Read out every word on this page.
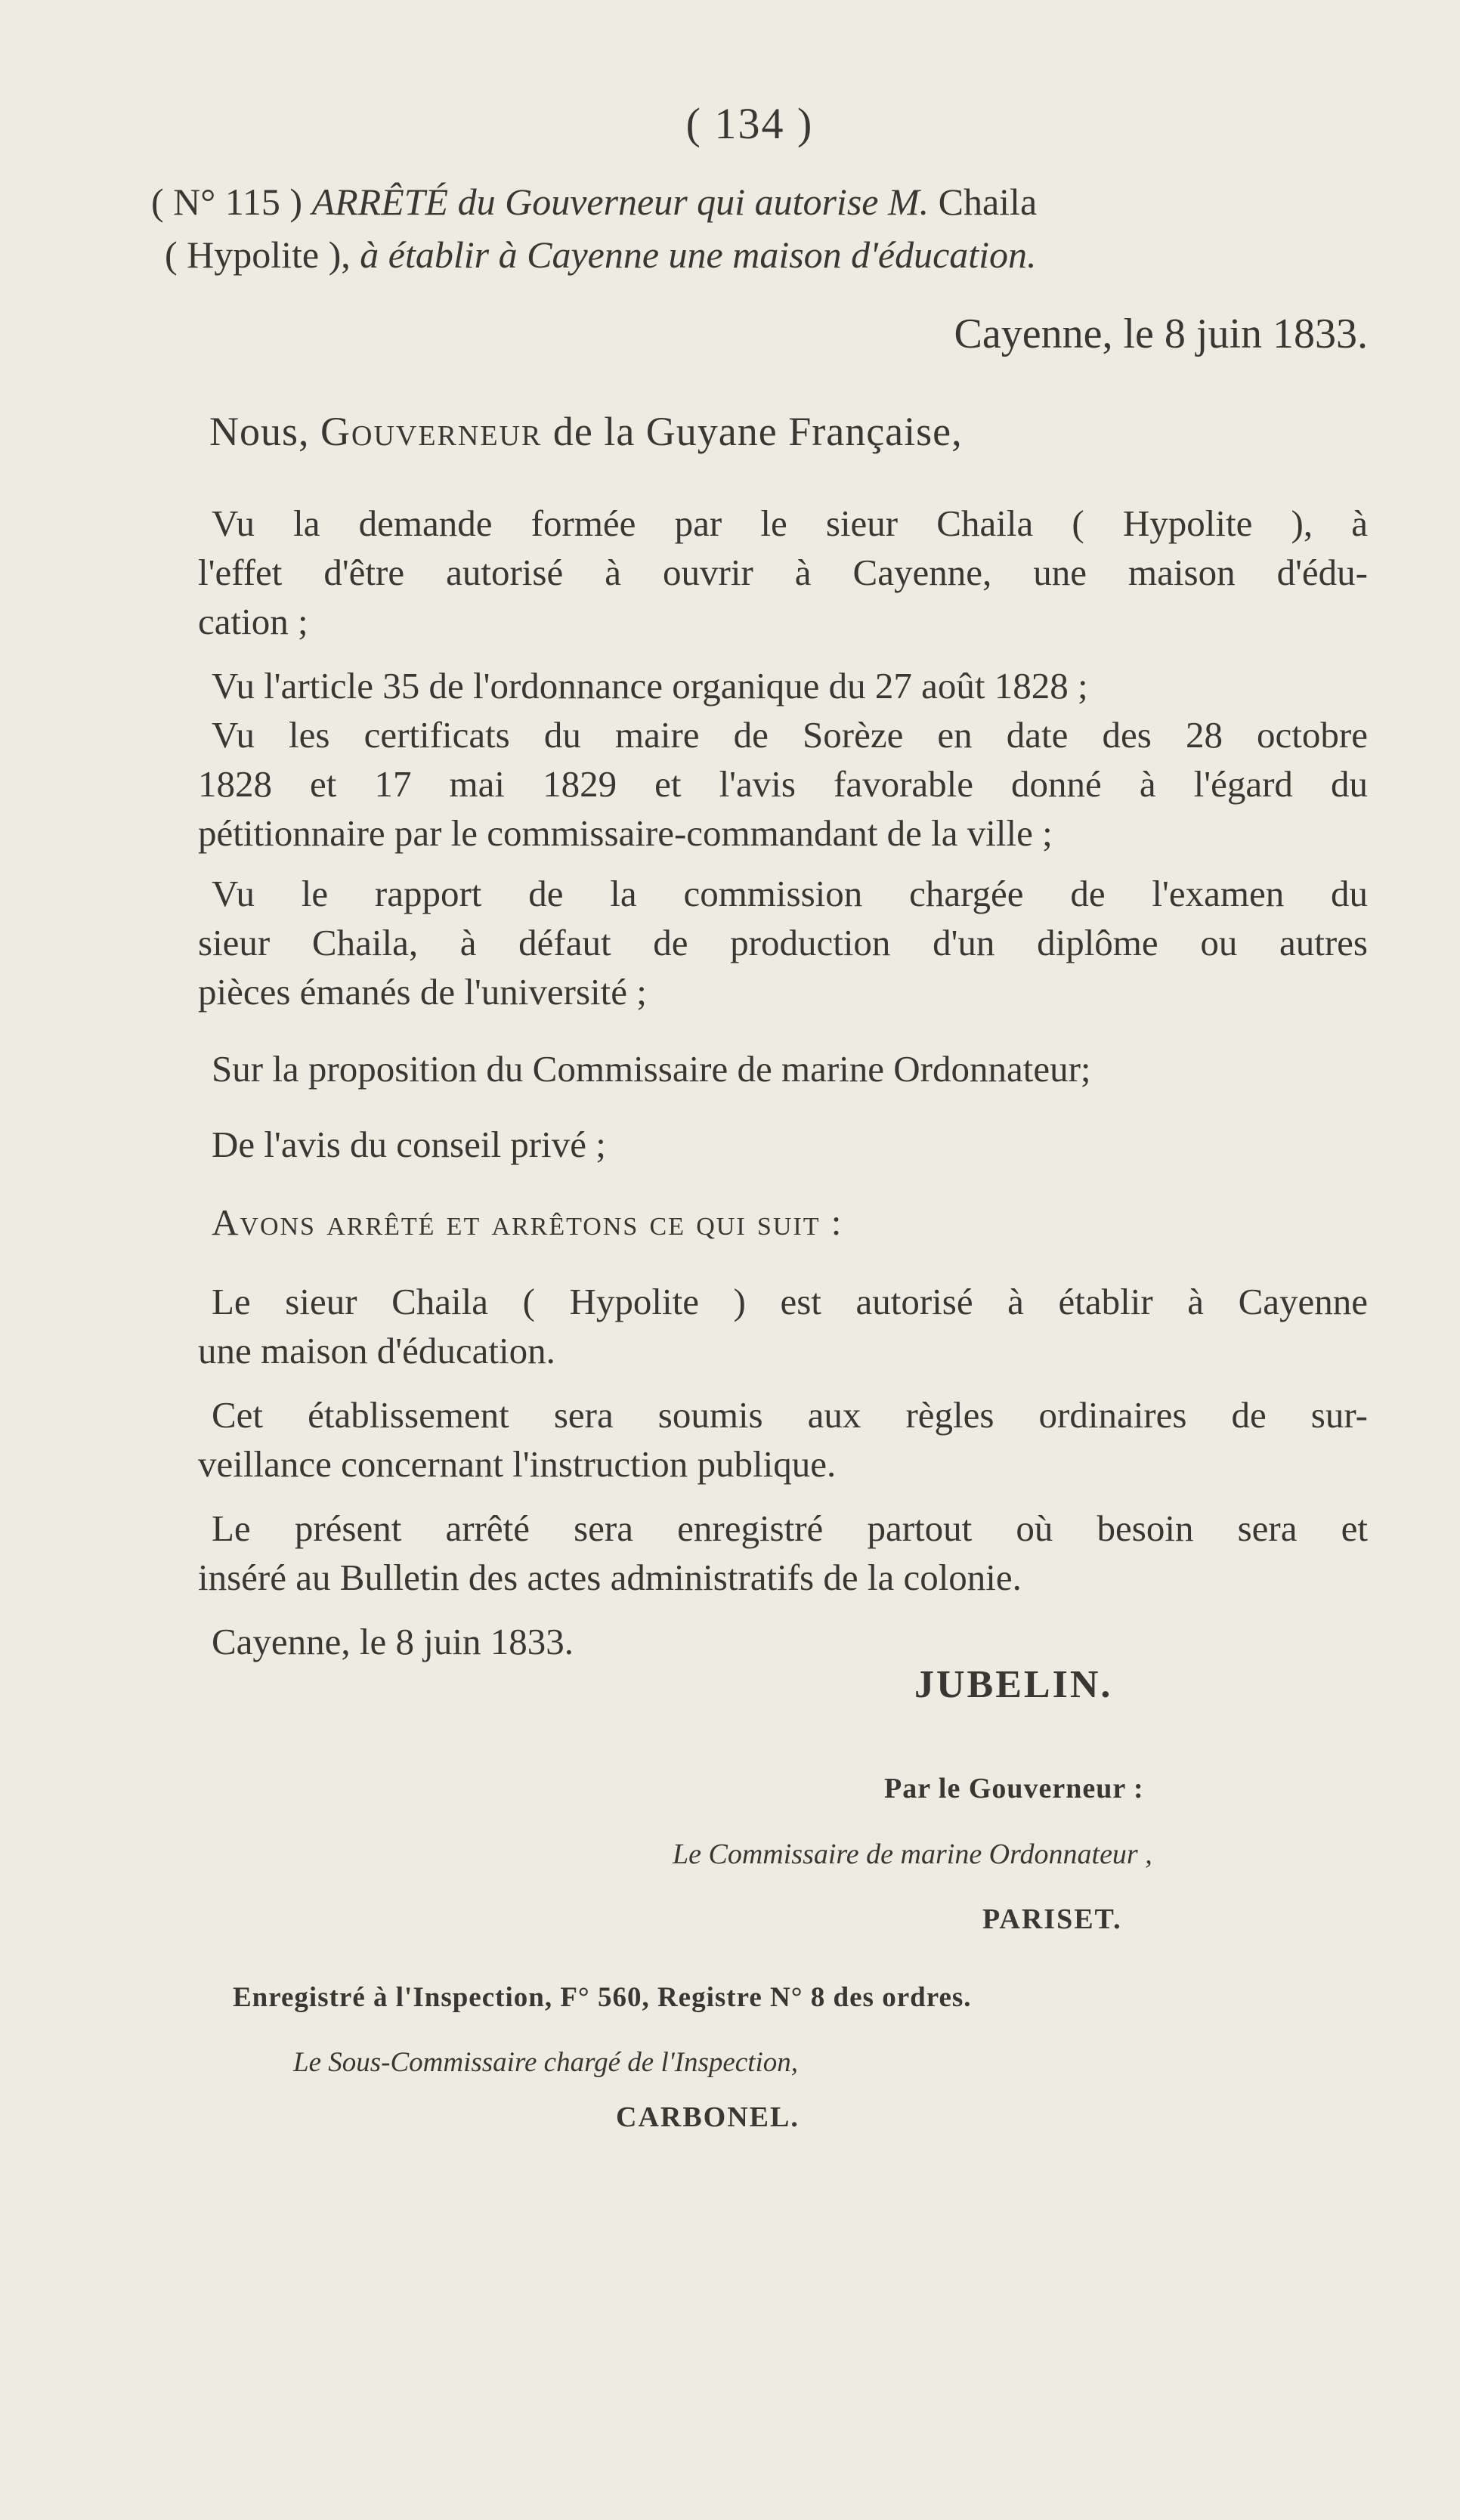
( 134 )
( N° 115 ) ARRÊTÉ du Gouverneur qui autorise M. Chaila
( Hypolite ), à établir à Cayenne une maison d'éducation.
Cayenne, le 8 juin 1833.
Nous, Gouverneur de la Guyane Française,
Vu la demande formée par le sieur Chaila ( Hypolite ), à
l'effet d'être autorisé à ouvrir à Cayenne, une maison d'édu-
cation ;
Vu l'article 35 de l'ordonnance organique du 27 août 1828 ;
Vu les certificats du maire de Sorèze en date des 28 octobre
1828 et 17 mai 1829 et l'avis favorable donné à l'égard du
pétitionnaire par le commissaire-commandant de la ville ;
Vu le rapport de la commission chargée de l'examen du
sieur Chaila, à défaut de production d'un diplôme ou autres
pièces émanés de l'université ;
Sur la proposition du Commissaire de marine Ordonnateur;
De l'avis du conseil privé ;
Avons arrêté et arrêtons ce qui suit :
Le sieur Chaila ( Hypolite ) est autorisé à établir à Cayenne
une maison d'éducation.
Cet établissement sera soumis aux règles ordinaires de sur-
veillance concernant l'instruction publique.
Le présent arrêté sera enregistré partout où besoin sera et
inséré au Bulletin des actes administratifs de la colonie.
Cayenne, le 8 juin 1833.
JUBELIN.
Par le Gouverneur :
Le Commissaire de marine Ordonnateur ,
PARISET.
Enregistré à l'Inspection, F° 560, Registre N° 8 des ordres.
Le Sous-Commissaire chargé de l'Inspection,
CARBONEL.
